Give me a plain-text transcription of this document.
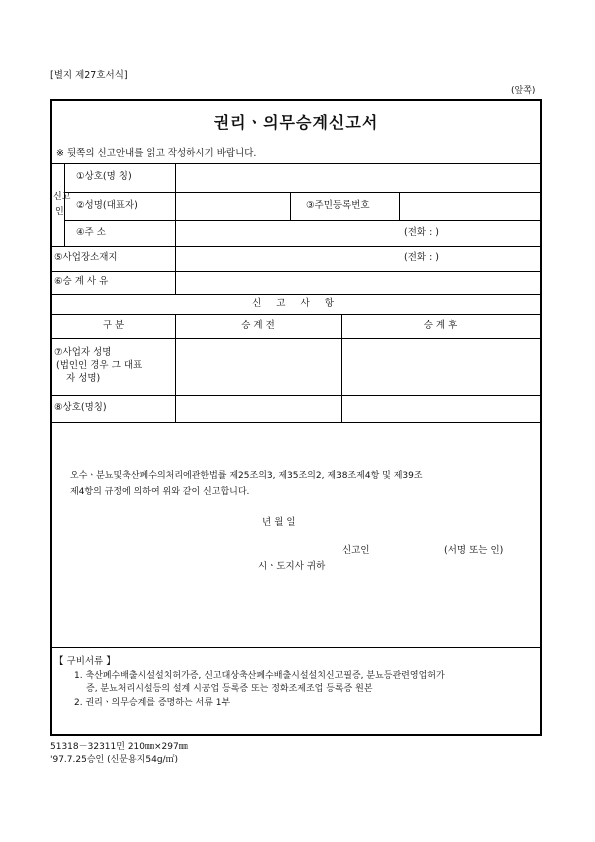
[별지 제27호서식]
(앞쪽)
권리ㆍ의무승계신고서
※ 뒷쪽의 신고안내를 읽고 작성하시기 바랍니다.
신고
인
①상호(명 칭)
②성명(대표자)	③주민등록번호
④주 소	(전화 : )
⑤사업장소재지	(전화 : )
⑥승 계 사 유
신 고 사 항
구 분	승 계 전	승 계 후
⑦사업자 성명
(법인인 경우 그 대표
자 성명)
⑧상호(명칭)
오수ㆍ분뇨및축산폐수의처리에관한법률 제25조의3, 제35조의2, 제38조제4항 및 제39조
제4항의 규정에 의하여 위와 같이 신고합니다.
년 월 일
신고인	(서명 또는 인)
시ㆍ도지사 귀하
【 구비서류 】
1. 축산폐수배출시설설치허가증, 신고대상축산폐수배출시설설치신고필증, 분뇨등관련영업허가
증, 분뇨처리시설등의 설계 시공업 등록증 또는 정화조제조업 등록증 원본
2. 권리ㆍ의무승계를 증명하는 서류 1부
51318－32311민 210㎜×297㎜
'97.7.25승인 (신문용지54g/㎡)
